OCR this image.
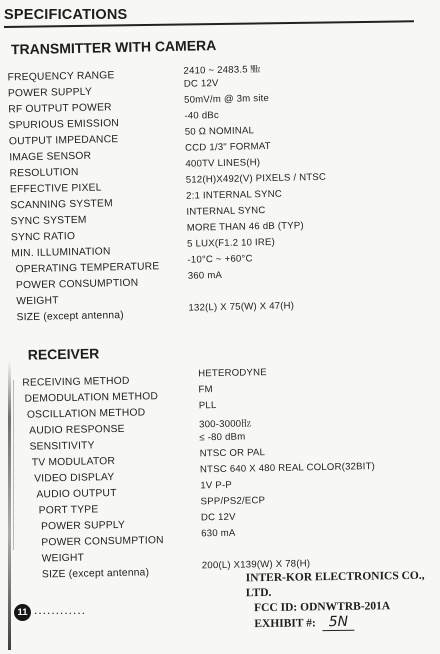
SPECIFICATIONS
TRANSMITTER WITH CAMERA
FREQUENCY RANGE	2410 ~ 2483.5 ㎒
POWER SUPPLY
DC 12V
RF OUTPUT POWER
50mV/m @ 3m site
SPURIOUS EMISSION
-40 dBc
OUTPUT IMPEDANCE
50 Ω NOMINAL
IMAGE SENSOR
CCD 1/3" FORMAT
RESOLUTION
400TV LINES(H)
EFFECTIVE PIXEL
512(H)X492(V) PIXELS / NTSC
SCANNING SYSTEM
2:1 INTERNAL SYNC
SYNC SYSTEM
INTERNAL SYNC
SYNC RATIO
MORE THAN 46 dB (TYP)
MIN. ILLUMINATION
5 LUX(F1.2 10 IRE)
OPERATING TEMPERATURE
-10°C ~ +60°C
POWER CONSUMPTION
360 mA
WEIGHT
SIZE (except antenna)
132(L) X 75(W) X 47(H)
RECEIVER
RECEIVING METHOD
HETERODYNE
DEMODULATION METHOD
FM
OSCILLATION METHOD
PLL
AUDIO RESPONSE	300-3000㎐
SENSITIVITY
≤ -80 dBm
TV MODULATOR
NTSC OR PAL
VIDEO DISPLAY
NTSC 640 X 480 REAL COLOR(32BIT)
AUDIO OUTPUT
1V P-P
PORT TYPE
SPP/PS2/ECP
POWER SUPPLY
DC 12V
POWER CONSUMPTION
630 mA
WEIGHT
SIZE (except antenna)
200(L) X139(W) X 78(H)
INTER-KOR ELECTRONICS CO.,
LTD.
FCC ID: ODNWTRB-201A
EXHIBIT #: 5N
11 ............
